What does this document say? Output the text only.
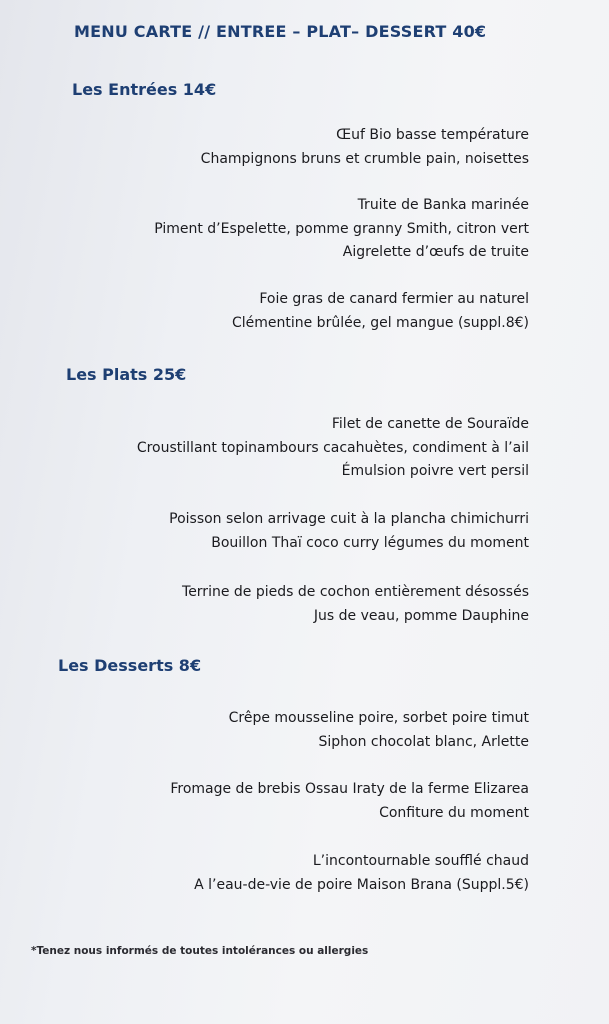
MENU CARTE // ENTREE – PLAT– DESSERT 40€
Les Entrées 14€
Œuf Bio basse température
Champignons bruns et crumble pain, noisettes
Truite de Banka marinée
Piment d’Espelette, pomme granny Smith, citron vert
Aigrelette d’œufs de truite
Foie gras de canard fermier au naturel
Clémentine brûlée, gel mangue (suppl.8€)
Les Plats 25€
Filet de canette de Souraïde
Croustillant topinambours cacahuètes, condiment à l’ail
Émulsion poivre vert persil
Poisson selon arrivage cuit à la plancha chimichurri
Bouillon Thaï coco curry légumes du moment
Terrine de pieds de cochon entièrement désossés
Jus de veau, pomme Dauphine
Les Desserts 8€
Crêpe mousseline poire, sorbet poire timut
Siphon chocolat blanc, Arlette
Fromage de brebis Ossau Iraty de la ferme Elizarea
Confiture du moment
L’incontournable soufflé chaud
A l’eau-de-vie de poire Maison Brana (Suppl.5€)
*Tenez nous informés de toutes intolérances ou allergies
